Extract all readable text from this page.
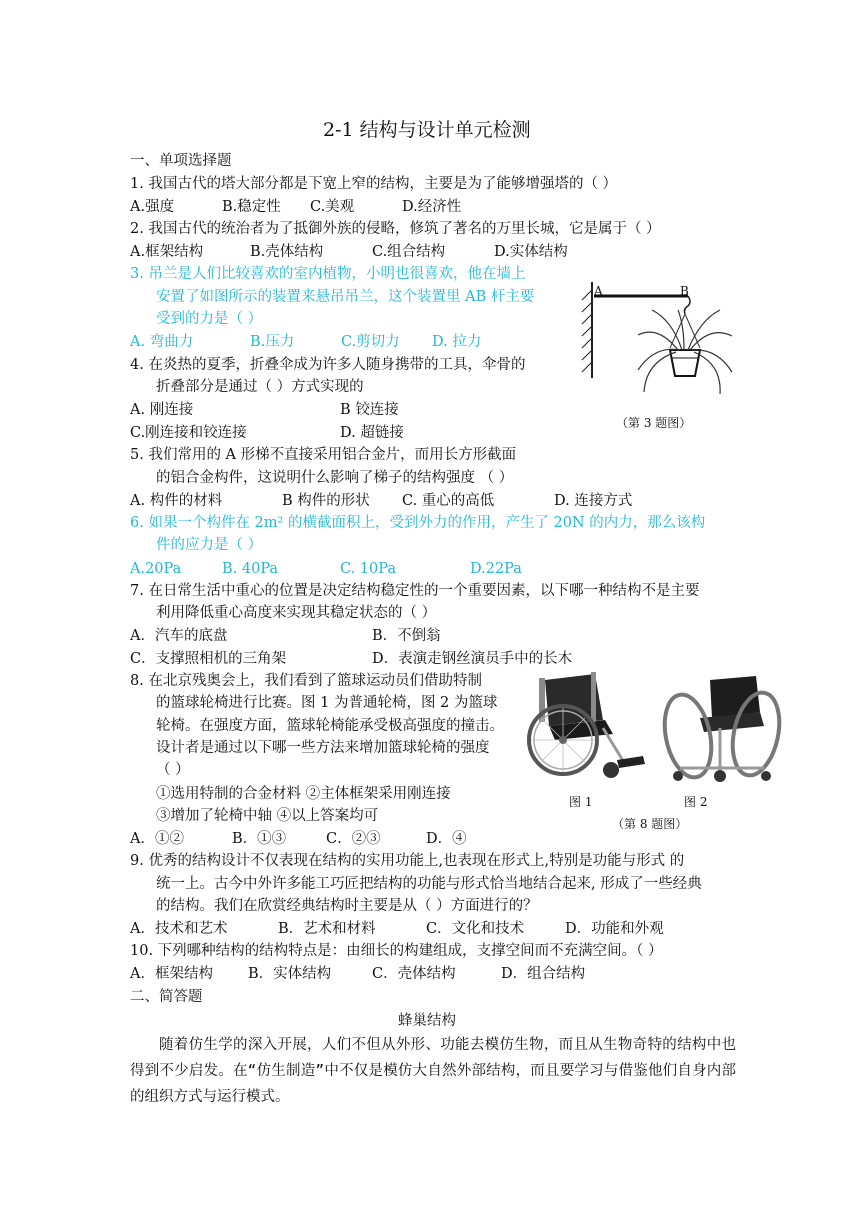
2-1 结构与设计单元检测
一、单项选择题
1. 我国古代的塔大部分都是下宽上窄的结构，主要是为了能够增强塔的（ ）
A.强度	B.稳定性 C.美观	D.经济性
2. 我国古代的统治者为了抵御外族的侵略，修筑了著名的万里长城，它是属于（ ）
A.框架结构	B.壳体结构	C.组合结构	D.实体结构
3. 吊兰是人们比较喜欢的室内植物，小明也很喜欢，他在墙上
安置了如图所示的装置来悬吊吊兰，这个装置里 AB 杆主要
受到的力是（ ）
A. 弯曲力	B.压力	C.剪切力 D. 拉力
A	B
（第 3 题图）
4. 在炎热的夏季，折叠伞成为许多人随身携带的工具，伞骨的
折叠部分是通过（ ）方式实现的
A. 刚连接	B 铰连接
C.刚连接和铰连接	D. 超链接
5. 我们常用的 A 形梯不直接采用铝合金片，而用长方形截面
的铝合金构件，这说明什么影响了梯子的结构强度 （ ）
A. 构件的材料	B 构件的形状 C. 重心的高低	D. 连接方式
6. 如果一个构件在 2m² 的横截面积上，受到外力的作用，产生了 20N 的内力，那么该构
件的应力是（ ）
A.20Pa	B. 40Pa	C. 10Pa	D.22Pa
7. 在日常生活中重心的位置是决定结构稳定性的一个重要因素，以下哪一种结构不是主要
利用降低重心高度来实现其稳定状态的（ ）
A．汽车的底盘	B．不倒翁
C．支撑照相机的三角架	D．表演走钢丝演员手中的长木
8. 在北京残奥会上，我们看到了篮球运动员们借助特制
的篮球轮椅进行比赛。图 1 为普通轮椅，图 2 为篮球
轮椅。在强度方面，篮球轮椅能承受极高强度的撞击。
设计者是通过以下哪一些方法来增加篮球轮椅的强度
（ ）
①选用特制的合金材料 ②主体框架采用刚连接
③增加了轮椅中轴 ④以上答案均可
A．①②	B．①③	C．②③	D．④
图 1	图 2
（第 8 题图）
9. 优秀的结构设计不仅表现在结构的实用功能上,也表现在形式上,特别是功能与形式 的
统一上。古今中外许多能工巧匠把结构的功能与形式恰当地结合起来, 形成了一些经典
的结构。我们在欣赏经典结构时主要是从（ ）方面进行的？
A．技术和艺术	B．艺术和材料	C．文化和技术	D．功能和外观
10. 下列哪种结构的结构特点是：由细长的构建组成，支撑空间而不充满空间。（ ）
A．框架结构 B．实体结构	C．壳体结构	D．组合结构
二、简答题
蜂巢结构
随着仿生学的深入开展，人们不但从外形、功能去模仿生物，而且从生物奇特的结构中也得到不少启发。在“仿生制造”中不仅是模仿大自然外部结构，而且要学习与借鉴他们自身内部的组织方式与运行模式。
